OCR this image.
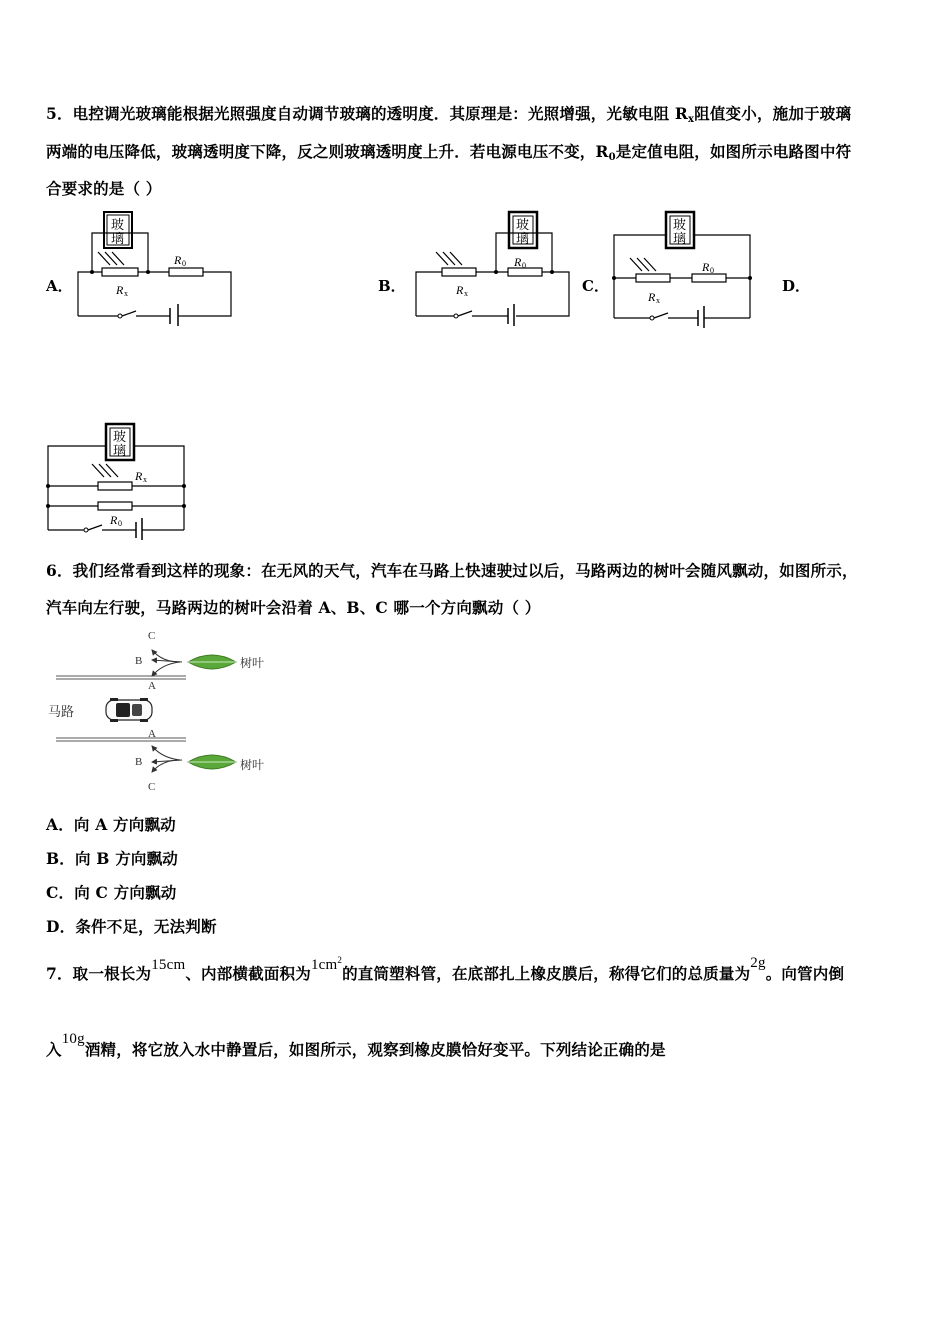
5．电控调光玻璃能根据光照强度自动调节玻璃的透明度．其原理是：光照增强，光敏电阻 $R_x$阻值变小，施加于玻璃
两端的电压降低，玻璃透明度下降，反之则玻璃透明度上升．若电源电压不变，$R_0$是定值电阻，如图所示电路图中符
合要求的是（ ）
A．	B．	C．	D．
玻
璃
R 0
R x
玻
璃
R 0
R x
玻
璃
R 0
R x
玻
璃
R x
R 0
6．我们经常看到这样的现象：在无风的天气，汽车在马路上快速驶过以后，马路两边的树叶会随风飘动，如图所示，
汽车向左行驶，马路两边的树叶会沿着 A、B、C 哪一个方向飘动（ ）
马路
树叶
树叶
C
B
A
A
B
C
A．向 A 方向飘动
B．向 B 方向飘动
C．向 C 方向飘动
D．条件不足，无法判断
7．取一根长为15cm、内部横截面积为$1cm^2$的直筒塑料管，在底部扎上橡皮膜后，称得它们的总质量为2g。向管内倒
入10g酒精，将它放入水中静置后，如图所示，观察到橡皮膜恰好变平。下列结论正确的是
